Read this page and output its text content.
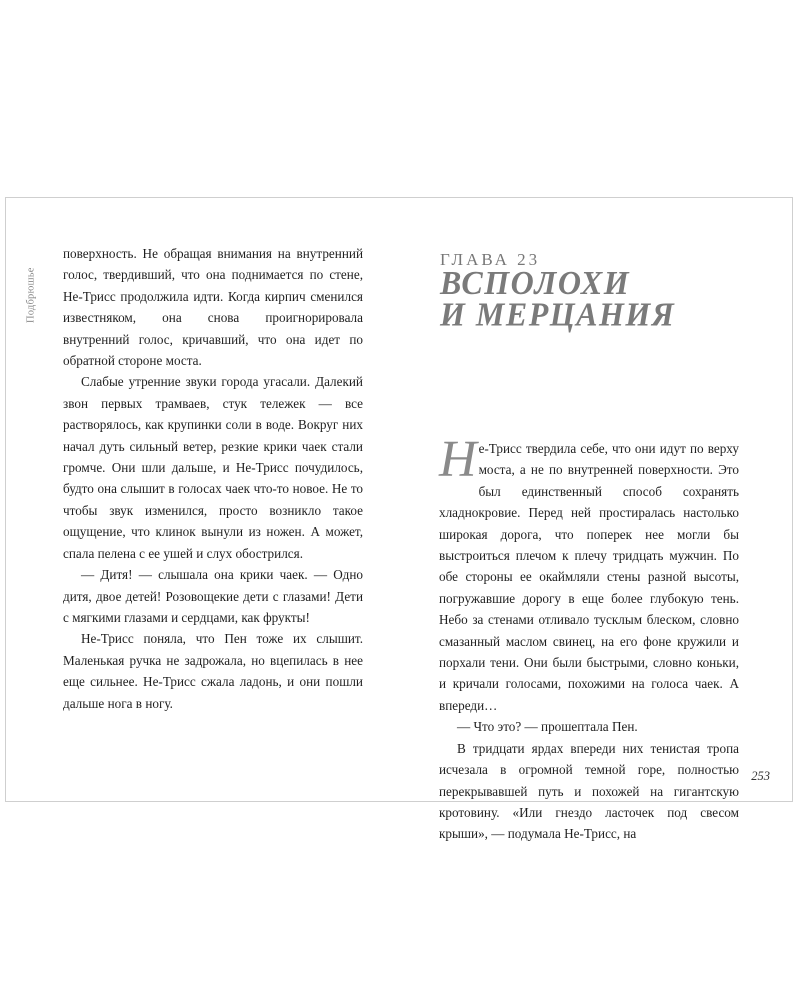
Подбрюшье

поверхность. Не обращая внимания на внутренний голос, твердивший, что она поднимается по стене, Не-Трисс продолжила идти. Когда кирпич сменился известняком, она снова проигнорировала внутренний голос, кричавший, что она идет по обратной стороне моста.

Слабые утренние звуки города угасали. Далекий звон первых трамваев, стук тележек — все растворялось, как крупинки соли в воде. Вокруг них начал дуть сильный ветер, резкие крики чаек стали громче. Они шли дальше, и Не-Трисс почудилось, будто она слышит в голосах чаек что-то новое. Не то чтобы звук изменился, просто возникло такое ощущение, что клинок вынули из ножен. А может, спала пелена с ее ушей и слух обострился.

— Дитя! — слышала она крики чаек. — Одно дитя, двое детей! Розовощекие дети с глазами! Дети с мягкими глазами и сердцами, как фрукты!

Не-Трисс поняла, что Пен тоже их слышит. Маленькая ручка не задрожала, но вцепилась в нее еще сильнее. Не-Трисс сжала ладонь, и они пошли дальше нога в ногу.

ГЛАВА 23
ВСПОЛОХИ
И МЕРЦАНИЯ

Не-Трисс твердила себе, что они идут по верху моста, а не по внутренней поверхности. Это был единственный способ сохранять хладнокровие. Перед ней простиралась настолько широкая дорога, что поперек нее могли бы выстроиться плечом к плечу тридцать мужчин. По обе стороны ее окаймляли стены разной высоты, погружавшие дорогу в еще более глубокую тень. Небо за стенами отливало тусклым блеском, словно смазанный маслом свинец, на его фоне кружили и порхали тени. Они были быстрыми, словно коньки, и кричали голосами, похожими на голоса чаек. А впереди…

— Что это? — прошептала Пен.

В тридцати ярдах впереди них тенистая тропа исчезала в огромной темной горе, полностью перекрывавшей путь и похожей на гигантскую кротовину. «Или гнездо ласточек под свесом крыши», — подумала Не-Трисс, на

253
